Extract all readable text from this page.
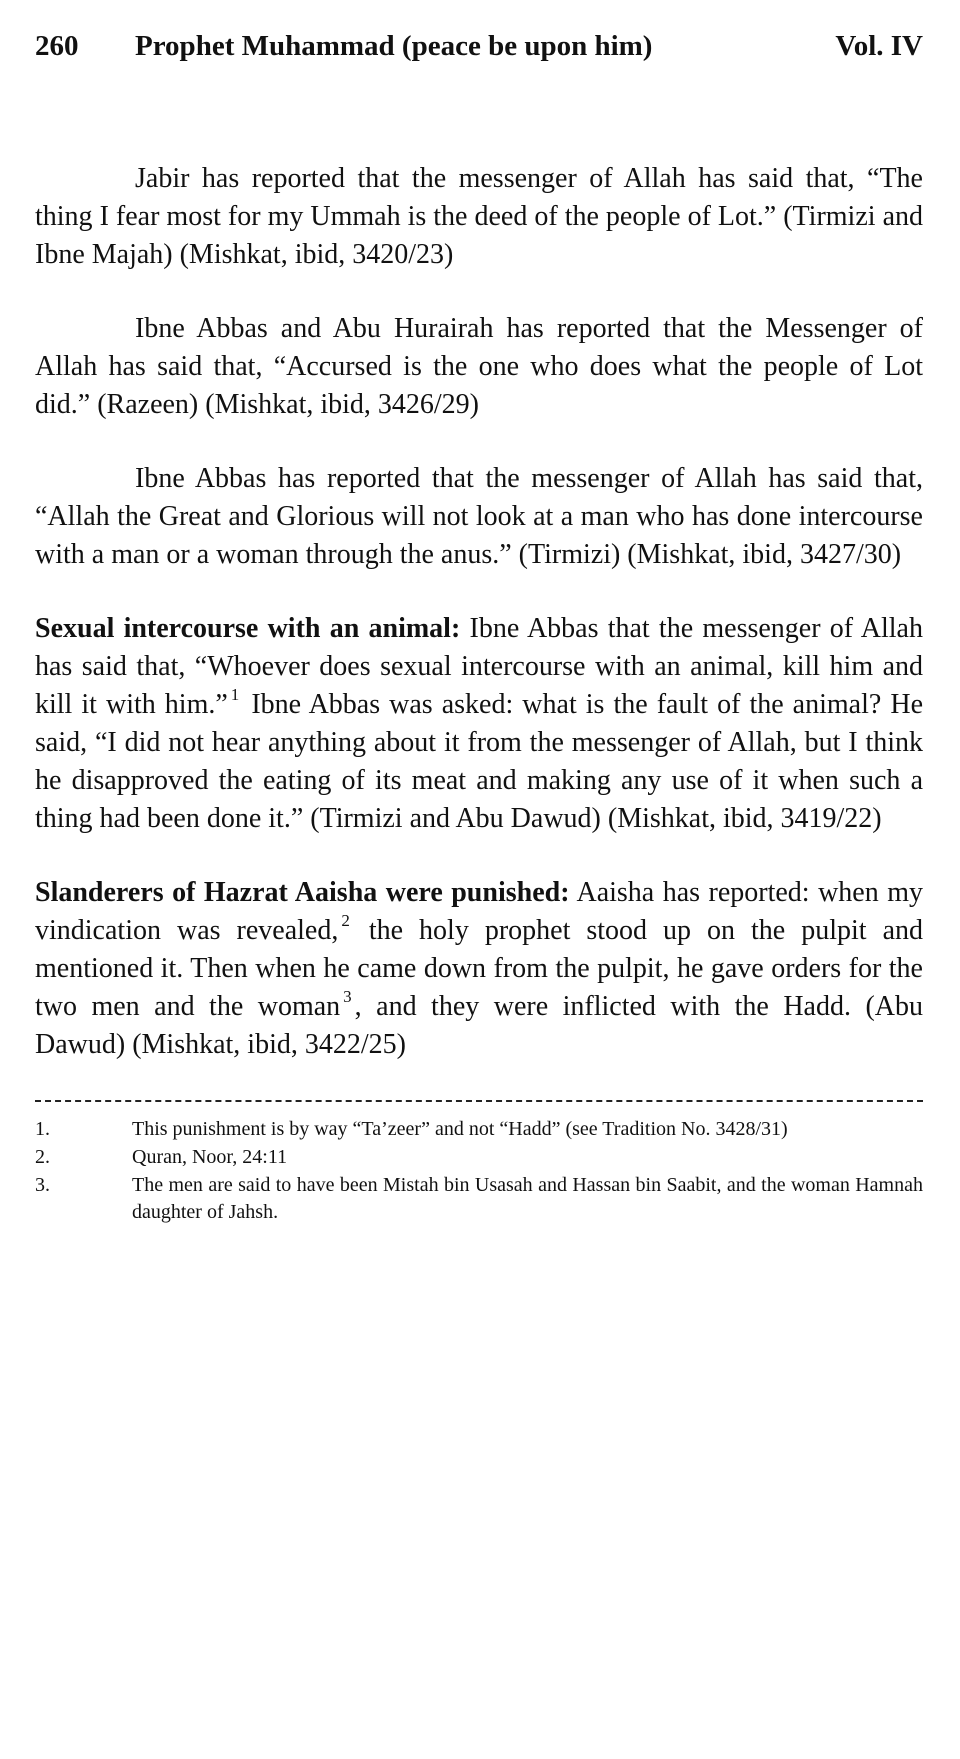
260	Prophet Muhammad (peace be upon him)	Vol. IV

Jabir has reported that the messenger of Allah has said that, “The thing I fear most for my Ummah is the deed of the people of Lot.” (Tirmizi and Ibne Majah) (Mishkat, ibid, 3420/23)

Ibne Abbas and Abu Hurairah has reported that the Messenger of Allah has said that, “Accursed is the one who does what the people of Lot did.” (Razeen) (Mishkat, ibid, 3426/29)

Ibne Abbas has reported that the messenger of Allah has said that, “Allah the Great and Glorious will not look at a man who has done intercourse with a man or a woman through the anus.” (Tirmizi) (Mishkat, ibid, 3427/30)

Sexual intercourse with an animal: Ibne Abbas that the messenger of Allah has said that, “Whoever does sexual intercourse with an animal, kill him and kill it with him.” $^1$ Ibne Abbas was asked: what is the fault of the animal? He said, “I did not hear anything about it from the messenger of Allah, but I think he disapproved the eating of its meat and making any use of it when such a thing had been done it.” (Tirmizi and Abu Dawud) (Mishkat, ibid, 3419/22)

Slanderers of Hazrat Aaisha were punished: Aaisha has reported: when my vindication was revealed, $^2$ the holy prophet stood up on the pulpit and mentioned it. Then when he came down from the pulpit, he gave orders for the two men and the woman $^3$ , and they were inflicted with the Hadd. (Abu Dawud) (Mishkat, ibid, 3422/25)

1.	This punishment is by way “Ta’zeer” and not “Hadd” (see Tradition No. 3428/31)
2.	Quran, Noor, 24:11
3.	The men are said to have been Mistah bin Usasah and Hassan bin Saabit, and the woman Hamnah daughter of Jahsh.
